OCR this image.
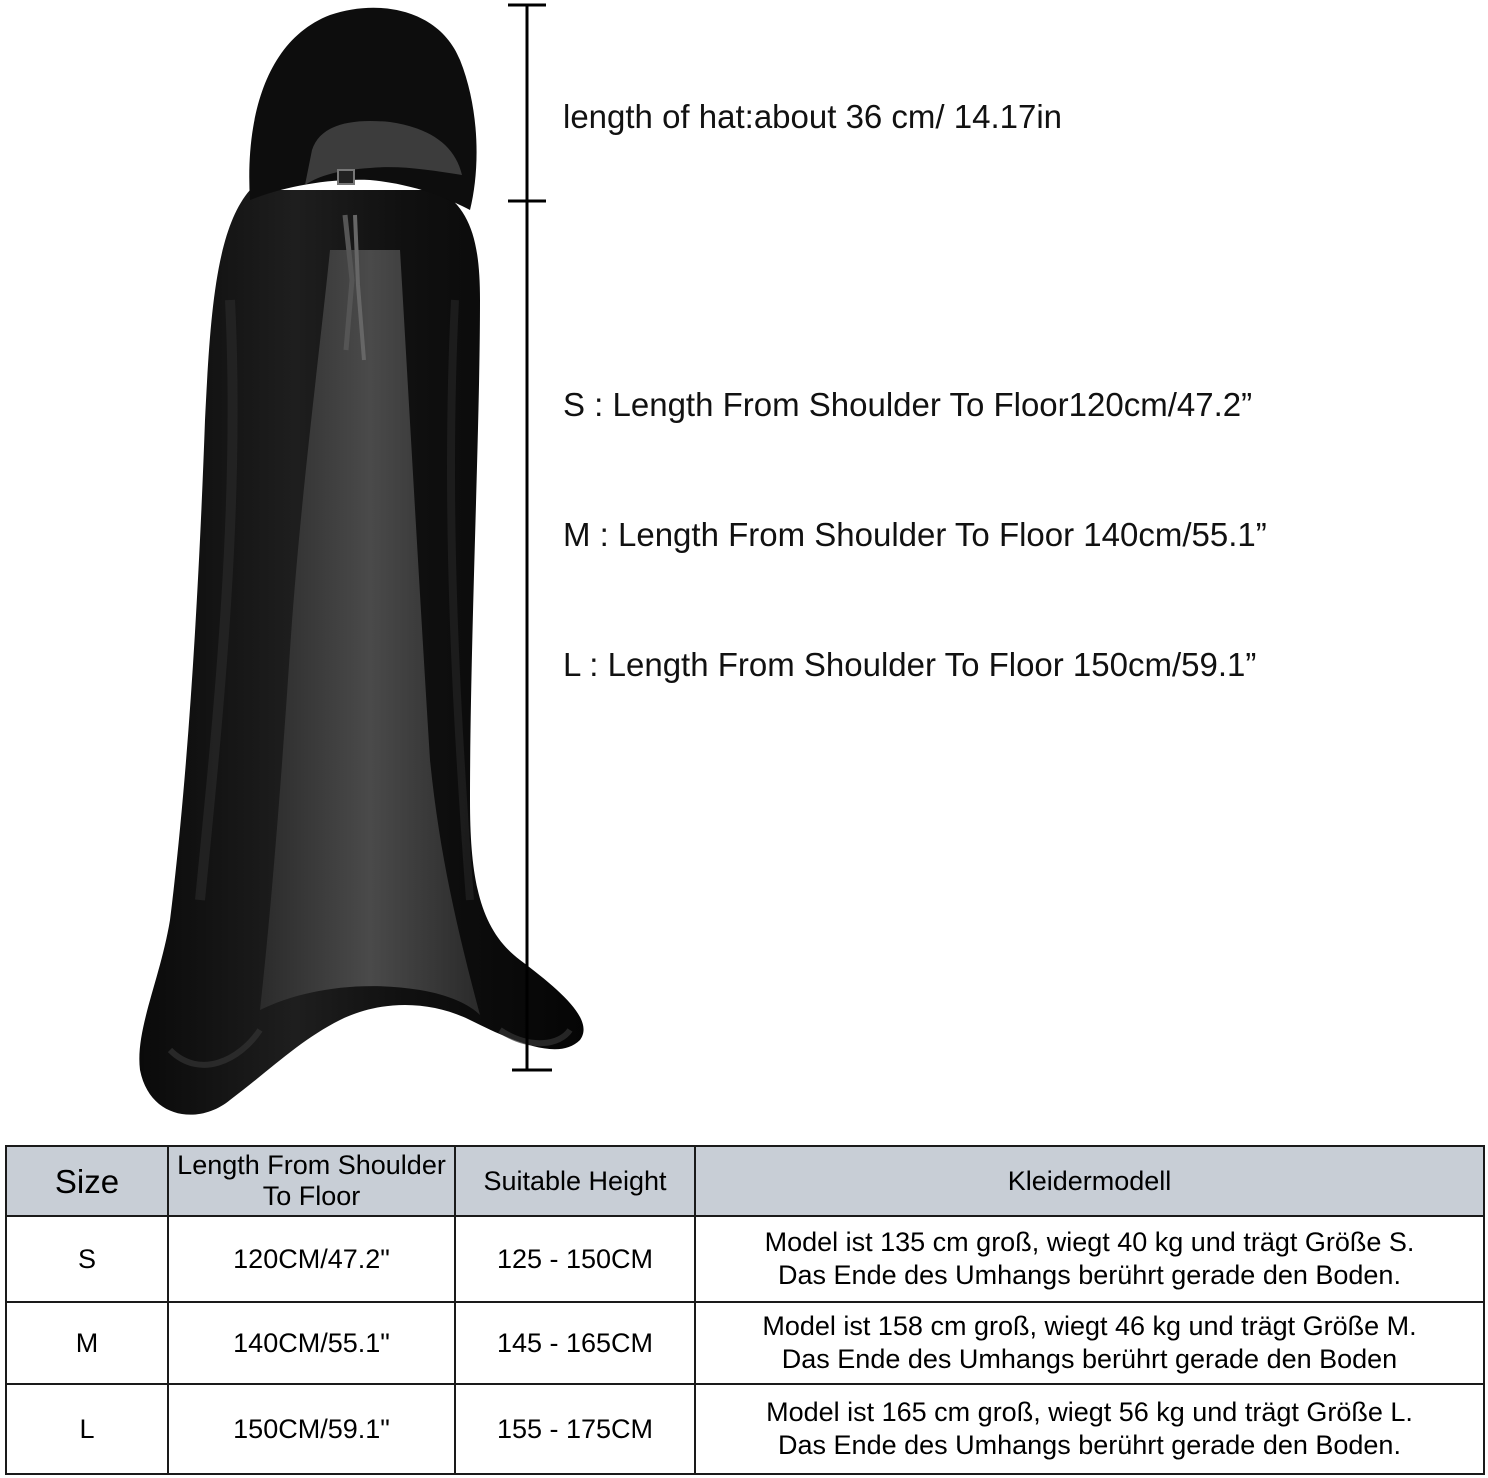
length of hat:about 36 cm/ 14.17in
S : Length From Shoulder To Floor120cm/47.2”
M : Length From Shoulder To Floor 140cm/55.1”
L : Length From Shoulder To Floor 150cm/59.1”
Size	Length From Shoulder To Floor	Suitable Height	Kleidermodell
S	120CM/47.2"	125 - 150CM	Model ist 135 cm groß, wiegt 40 kg und trägt Größe S.
Das Ende des Umhangs berührt gerade den Boden.

M	140CM/55.1"	145 - 165CM	Model ist 158 cm groß, wiegt 46 kg und trägt Größe M.
Das Ende des Umhangs berührt gerade den Boden

L	150CM/59.1"	155 - 175CM	Model ist 165 cm groß, wiegt 56 kg und trägt Größe L.
Das Ende des Umhangs berührt gerade den Boden.
